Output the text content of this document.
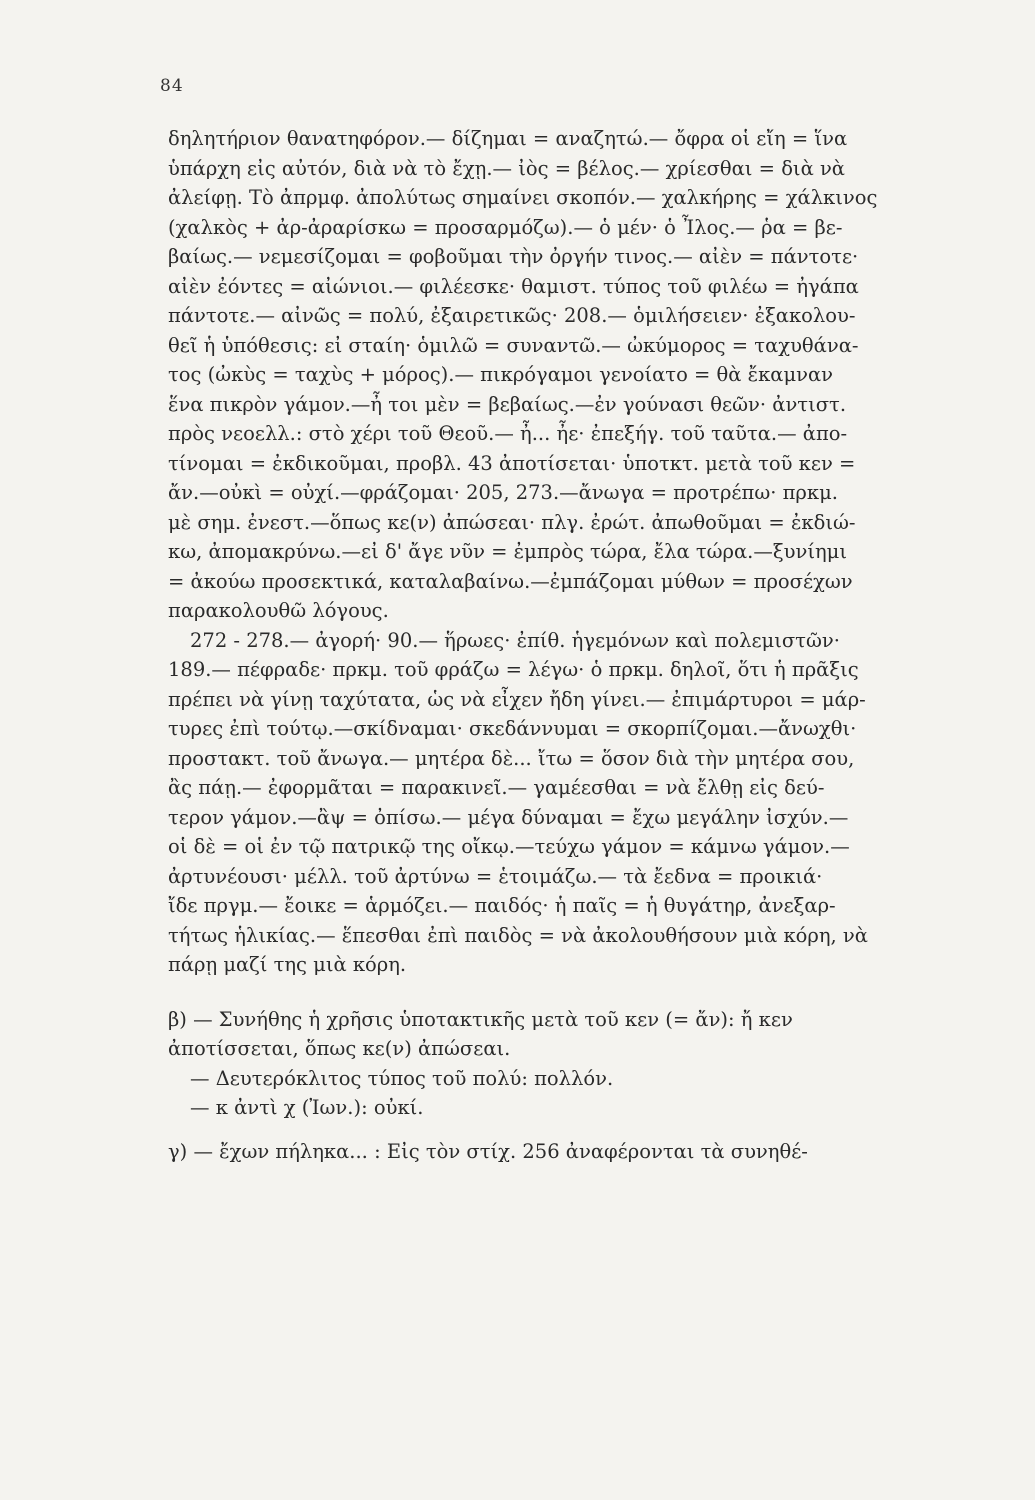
84
δηλητήριον θανατηφόρον.— δίζημαι = αναζητώ.— ὄφρα οἱ εἴη = ἵνα
ὑπάρχη εἰς αὐτόν, διὰ νὰ τὸ ἔχῃ.— ἰὸς = βέλος.— χρίεσθαι = διὰ νὰ
ἀλείφῃ. Τὸ ἀπρμφ. ἀπολύτως σημαίνει σκοπόν.— χαλκήρης = χάλκινος
(χαλκὸς + ἀρ-ἀραρίσκω = προσαρμόζω).— ὁ μέν· ὁ Ἶλος.— ῥα = βε-
βαίως.— νεμεσίζομαι = φοβοῦμαι τὴν ὀργήν τινος.— αἰὲν = πάντοτε·
αἰὲν ἐόντες = αἰώνιοι.— φιλέεσκε· θαμιστ. τύπος τοῦ φιλέω = ἠγάπα
πάντοτε.— αἰνῶς = πολύ, ἐξαιρετικῶς· 208.— ὁμιλήσειεν· ἐξακολου-
θεῖ ἡ ὑπόθεσις: εἰ σταίη· ὁμιλῶ = συναντῶ.— ὠκύμορος = ταχυθάνα-
τος (ὠκὺς = ταχὺς + μόρος).— πικρόγαμοι γενοίατο = θὰ ἔκαμναν
ἕνα πικρὸν γάμον.—ἦ τοι μὲν = βεβαίως.—ἐν γούνασι θεῶν· ἀντιστ.
πρὸς νεοελλ.: στὸ χέρι τοῦ Θεοῦ.— ἦ... ἦε· ἐπεξήγ. τοῦ ταῦτα.— ἀπο-
τίνομαι = ἐκδικοῦμαι, προβλ. 43 ἀποτίσεται· ὑποτκτ. μετὰ τοῦ κεν =
ἄν.—οὐκὶ = οὐχί.—φράζομαι· 205, 273.—ἄνωγα = προτρέπω· πρκμ.
μὲ σημ. ἐνεστ.—ὅπως κε(ν) ἀπώσεαι· πλγ. ἐρώτ. ἀπωθοῦμαι = ἐκδιώ-
κω, ἀπομακρύνω.—εἰ δ' ἄγε νῦν = ἐμπρὸς τώρα, ἔλα τώρα.—ξυνίημι
= ἀκούω προσεκτικά, καταλαβαίνω.—ἐμπάζομαι μύθων = προσέχων
παρακολουθῶ λόγους.
272 - 278.— ἀγορή· 90.— ἥρωες· ἐπίθ. ἡγεμόνων καὶ πολεμιστῶν·
189.— πέφραδε· πρκμ. τοῦ φράζω = λέγω· ὁ πρκμ. δηλοῖ, ὅτι ἡ πρᾶξις
πρέπει νὰ γίνῃ ταχύτατα, ὡς νὰ εἶχεν ἤδη γίνει.— ἐπιμάρτυροι = μάρ-
τυρες ἐπὶ τούτῳ.—σκίδναμαι· σκεδάννυμαι = σκορπίζομαι.—ἄνωχθι·
προστακτ. τοῦ ἄνωγα.— μητέρα δὲ... ἴτω = ὅσον διὰ τὴν μητέρα σου,
ἂς πάῃ.— ἐφορμᾶται = παρακινεῖ.— γαμέεσθαι = νὰ ἔλθῃ εἰς δεύ-
τερον γάμον.—ἂψ = ὀπίσω.— μέγα δύναμαι = ἔχω μεγάλην ἰσχύν.—
οἱ δὲ = οἱ ἐν τῷ πατρικῷ της οἴκῳ.—τεύχω γάμον = κάμνω γάμον.—
ἀρτυνέουσι· μέλλ. τοῦ ἀρτύνω = ἑτοιμάζω.— τὰ ἔεδνα = προικιά·
ἴδε πργμ.— ἔοικε = ἁρμόζει.— παιδός· ἡ παῖς = ἡ θυγάτηρ, ἀνεξαρ-
τήτως ἡλικίας.— ἕπεσθαι ἐπὶ παιδὸς = νὰ ἀκολουθήσουν μιὰ κόρη, νὰ
πάρῃ μαζί της μιὰ κόρη.
β) — Συνήθης ἡ χρῆσις ὑποτακτικῆς μετὰ τοῦ κεν (= ἄν): ἤ κεν
ἀποτίσσεται, ὅπως κε(ν) ἀπώσεαι.
— Δευτερόκλιτος τύπος τοῦ πολύ: πολλόν.
— κ ἀντὶ χ (Ἰων.): οὐκί.
γ) — ἔχων πήληκα... : Εἰς τὸν στίχ. 256 ἀναφέρονται τὰ συνηθέ-
